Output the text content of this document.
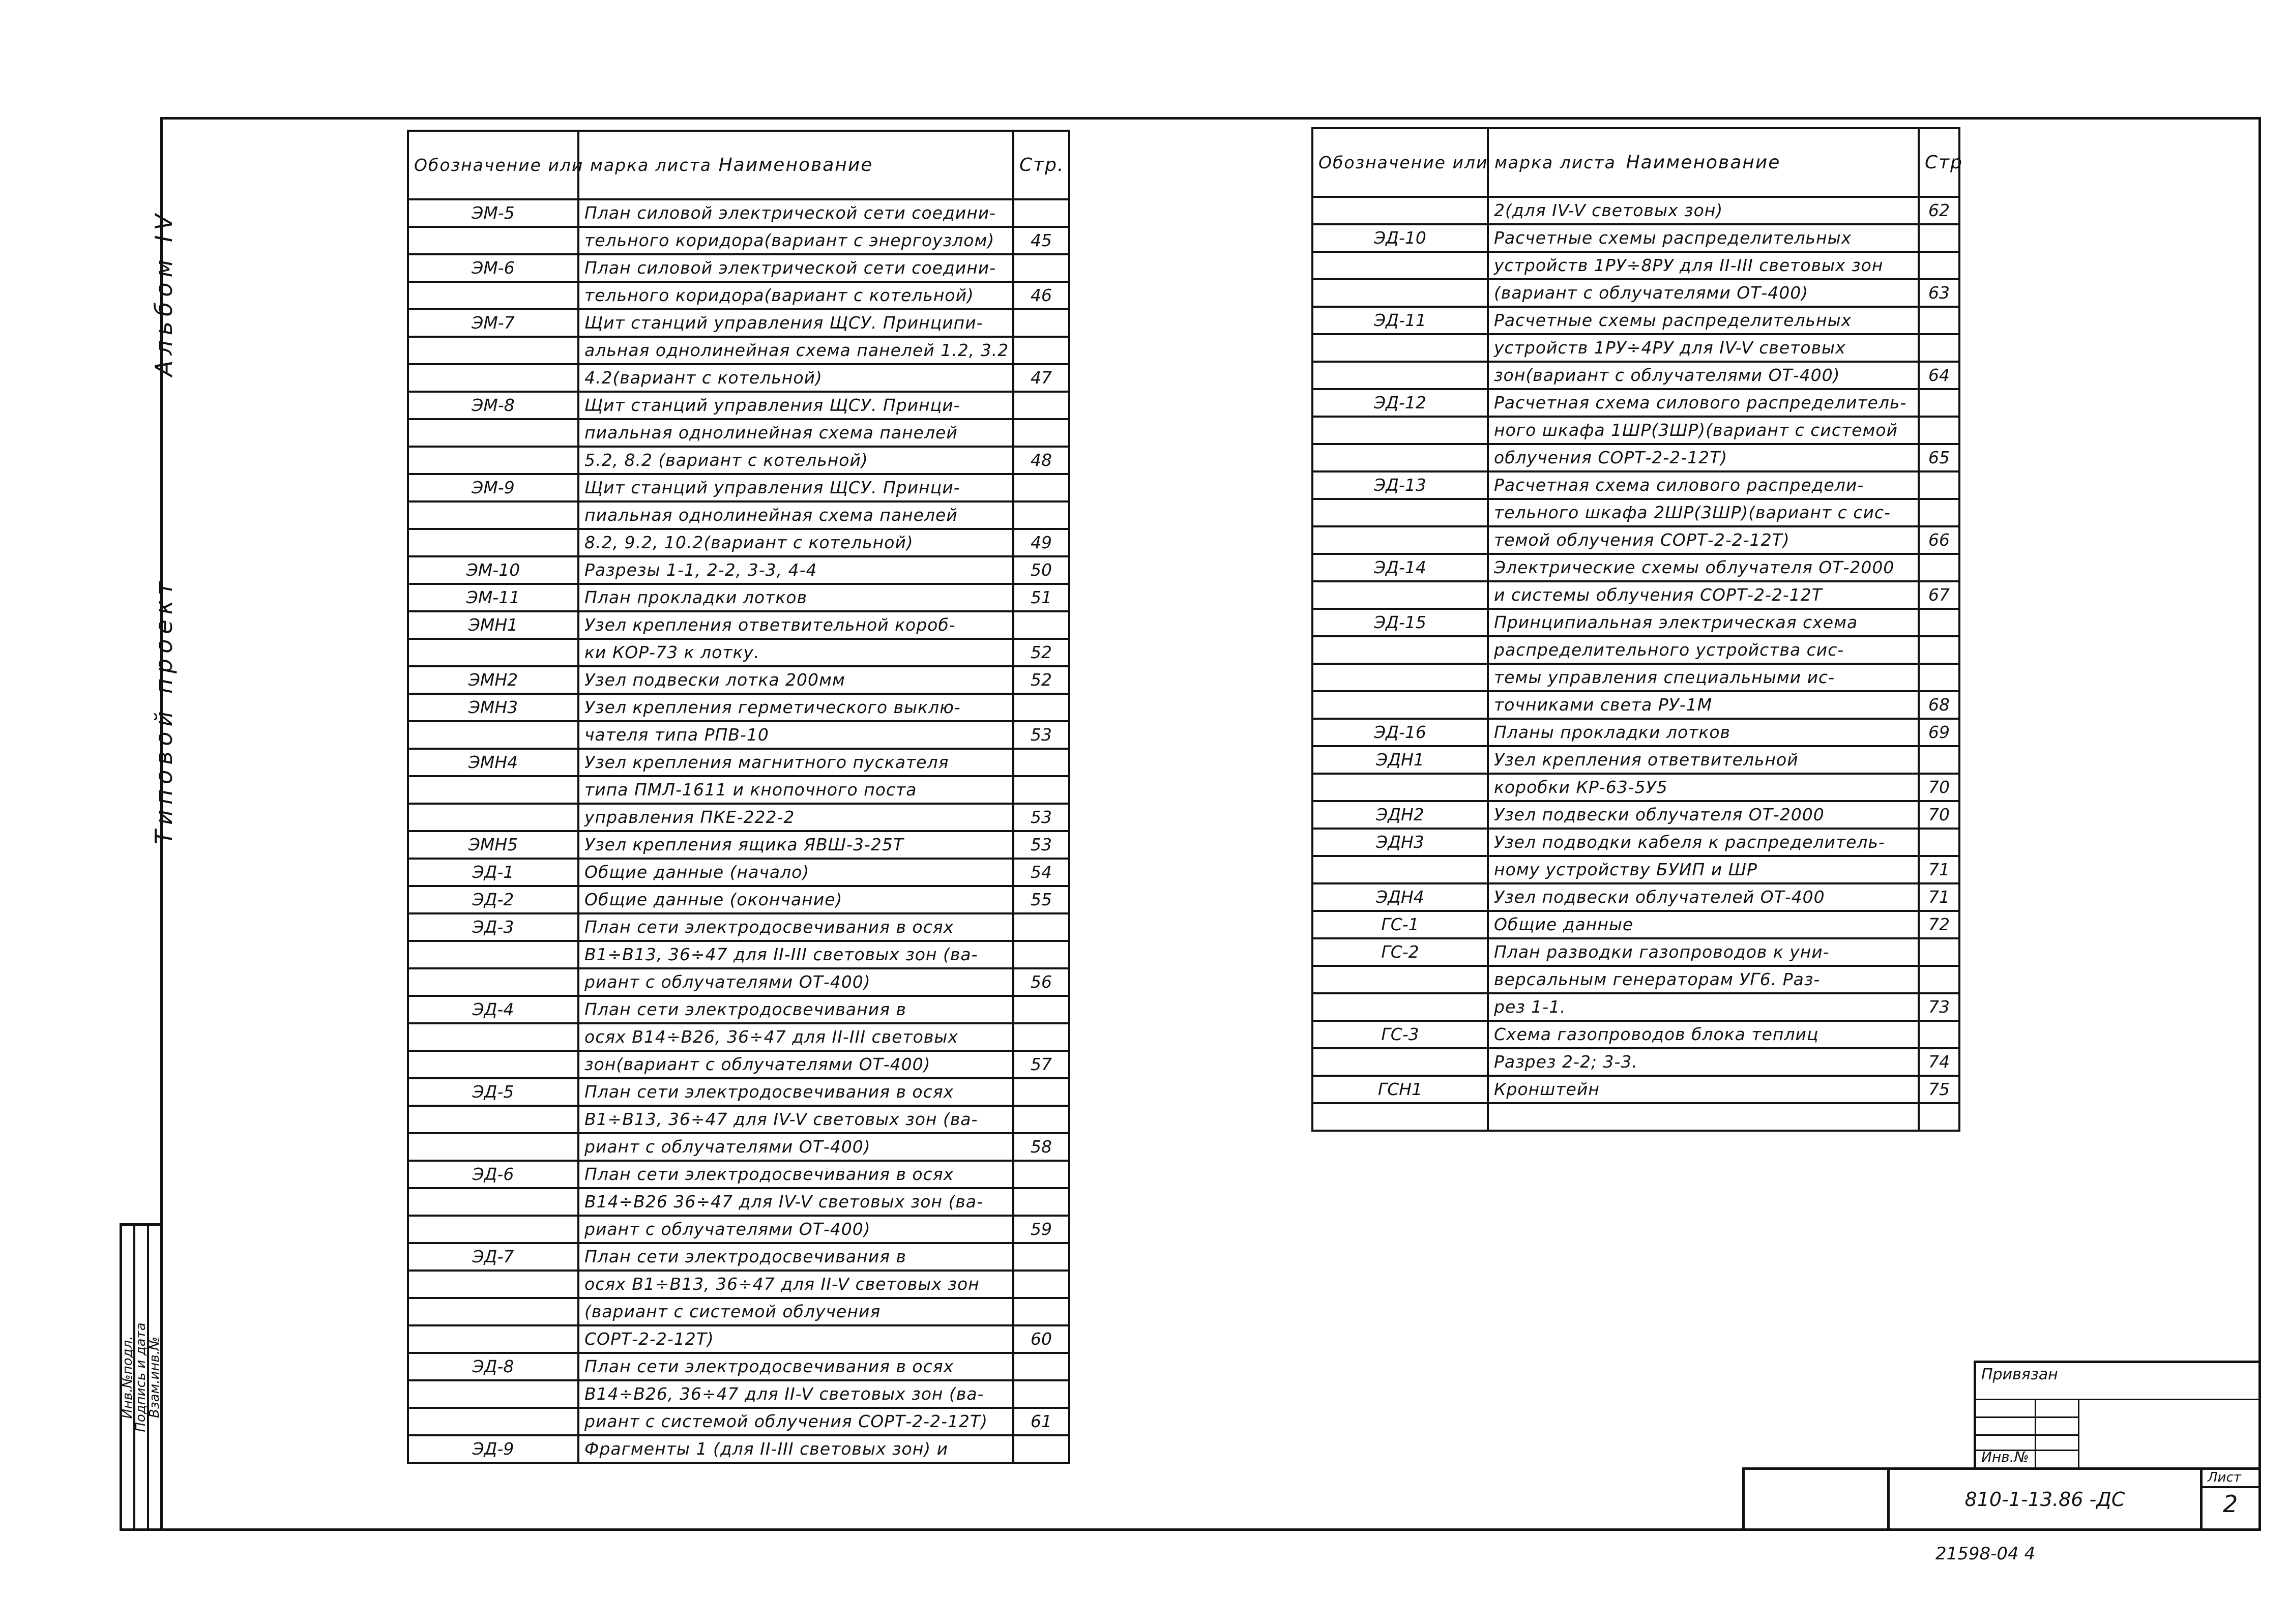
Альбом IV
Типовой проект
Инв.№подл.
Подпись и дата
Взам.инв.№
Обозначение или марка листа	Наименование	Стр.
ЭМ-5	План силовой электрической сети соедини-	
	тельного коридора(вариант с энергоузлом)	45
ЭМ-6	План силовой электрической сети соедини-	
	тельного коридора(вариант с котельной)	46
ЭМ-7	Щит станций управления ЩСУ. Принципи-	
	альная однолинейная схема панелей 1.2, 3.2	
	4.2(вариант с котельной)	47
ЭМ-8	Щит станций управления ЩСУ. Принци-	
	пиальная однолинейная схема панелей	
	5.2, 8.2 (вариант с котельной)	48
ЭМ-9	Щит станций управления ЩСУ. Принци-	
	пиальная однолинейная схема панелей	
	8.2, 9.2, 10.2(вариант с котельной)	49
ЭМ-10	Разрезы 1-1, 2-2, 3-3, 4-4	50
ЭМ-11	План прокладки лотков	51
ЭМН1	Узел крепления ответвительной короб-	
	ки КОР-73 к лотку.	52
ЭМН2	Узел подвески лотка 200мм	52
ЭМН3	Узел крепления герметического выклю-	
	чателя типа РПВ-10	53
ЭМН4	Узел крепления магнитного пускателя	
	типа ПМЛ-1611 и кнопочного поста	
	управления ПКЕ-222-2	53
ЭМН5	Узел крепления ящика ЯВШ-3-25Т	53
ЭД-1	Общие данные (начало)	54
ЭД-2	Общие данные (окончание)	55
ЭД-3	План сети электродосвечивания в осях	
	В1÷В13, 36÷47 для II-III световых зон (ва-	
	риант с облучателями ОТ-400)	56
ЭД-4	План сети электродосвечивания в	
	осях В14÷В26, 36÷47 для II-III световых	
	зон(вариант с облучателями ОТ-400)	57
ЭД-5	План сети электродосвечивания в осях	
	В1÷В13, 36÷47 для IV-V световых зон (ва-	
	риант с облучателями ОТ-400)	58
ЭД-6	План сети электродосвечивания в осях	
	В14÷В26 36÷47 для IV-V световых зон (ва-	
	риант с облучателями ОТ-400)	59
ЭД-7	План сети электродосвечивания в	
	осях В1÷В13, 36÷47 для II-V световых зон	
	(вариант с системой облучения	
	СОРТ-2-2-12Т)	60
ЭД-8	План сети электродосвечивания в осях	
	В14÷В26, 36÷47 для II-V световых зон (ва-	
	риант с системой облучения СОРТ-2-2-12Т)	61
ЭД-9	Фрагменты 1 (для II-III световых зон) и	
Обозначение или марка листа	Наименование	Стр
	2(для IV-V световых зон)	62
ЭД-10	Расчетные схемы распределительных	
	устройств 1РУ÷8РУ для II-III световых зон	
	(вариант с облучателями ОТ-400)	63
ЭД-11	Расчетные схемы распределительных	
	устройств 1РУ÷4РУ для IV-V световых	
	зон(вариант с облучателями ОТ-400)	64
ЭД-12	Расчетная схема силового распределитель-	
	ного шкафа 1ШР(3ШР)(вариант с системой	
	облучения СОРТ-2-2-12Т)	65
ЭД-13	Расчетная схема силового распредели-	
	тельного шкафа 2ШР(3ШР)(вариант с сис-	
	темой облучения СОРТ-2-2-12Т)	66
ЭД-14	Электрические схемы облучателя ОТ-2000	
	и системы облучения СОРТ-2-2-12Т	67
ЭД-15	Принципиальная электрическая схема	
	распределительного устройства сис-	
	темы управления специальными ис-	
	точниками света РУ-1М	68
ЭД-16	Планы прокладки лотков	69
ЭДН1	Узел крепления ответвительной	
	коробки КР-63-5У5	70
ЭДН2	Узел подвески облучателя ОТ-2000	70
ЭДН3	Узел подводки кабеля к распределитель-	
	ному устройству БУИП и ШР	71
ЭДН4	Узел подвески облучателей ОТ-400	71
ГС-1	Общие данные	72
ГС-2	План разводки газопроводов к уни-	
	версальным генераторам УГ6. Раз-	
	рез 1-1.	73
ГС-3	Схема газопроводов блока теплиц	
	Разрез 2-2; 3-3.	74
ГСН1	Кронштейн	75

Привязан
Инв.№
810-1-13.86 -ДС
Лист
2
21598-04 4
